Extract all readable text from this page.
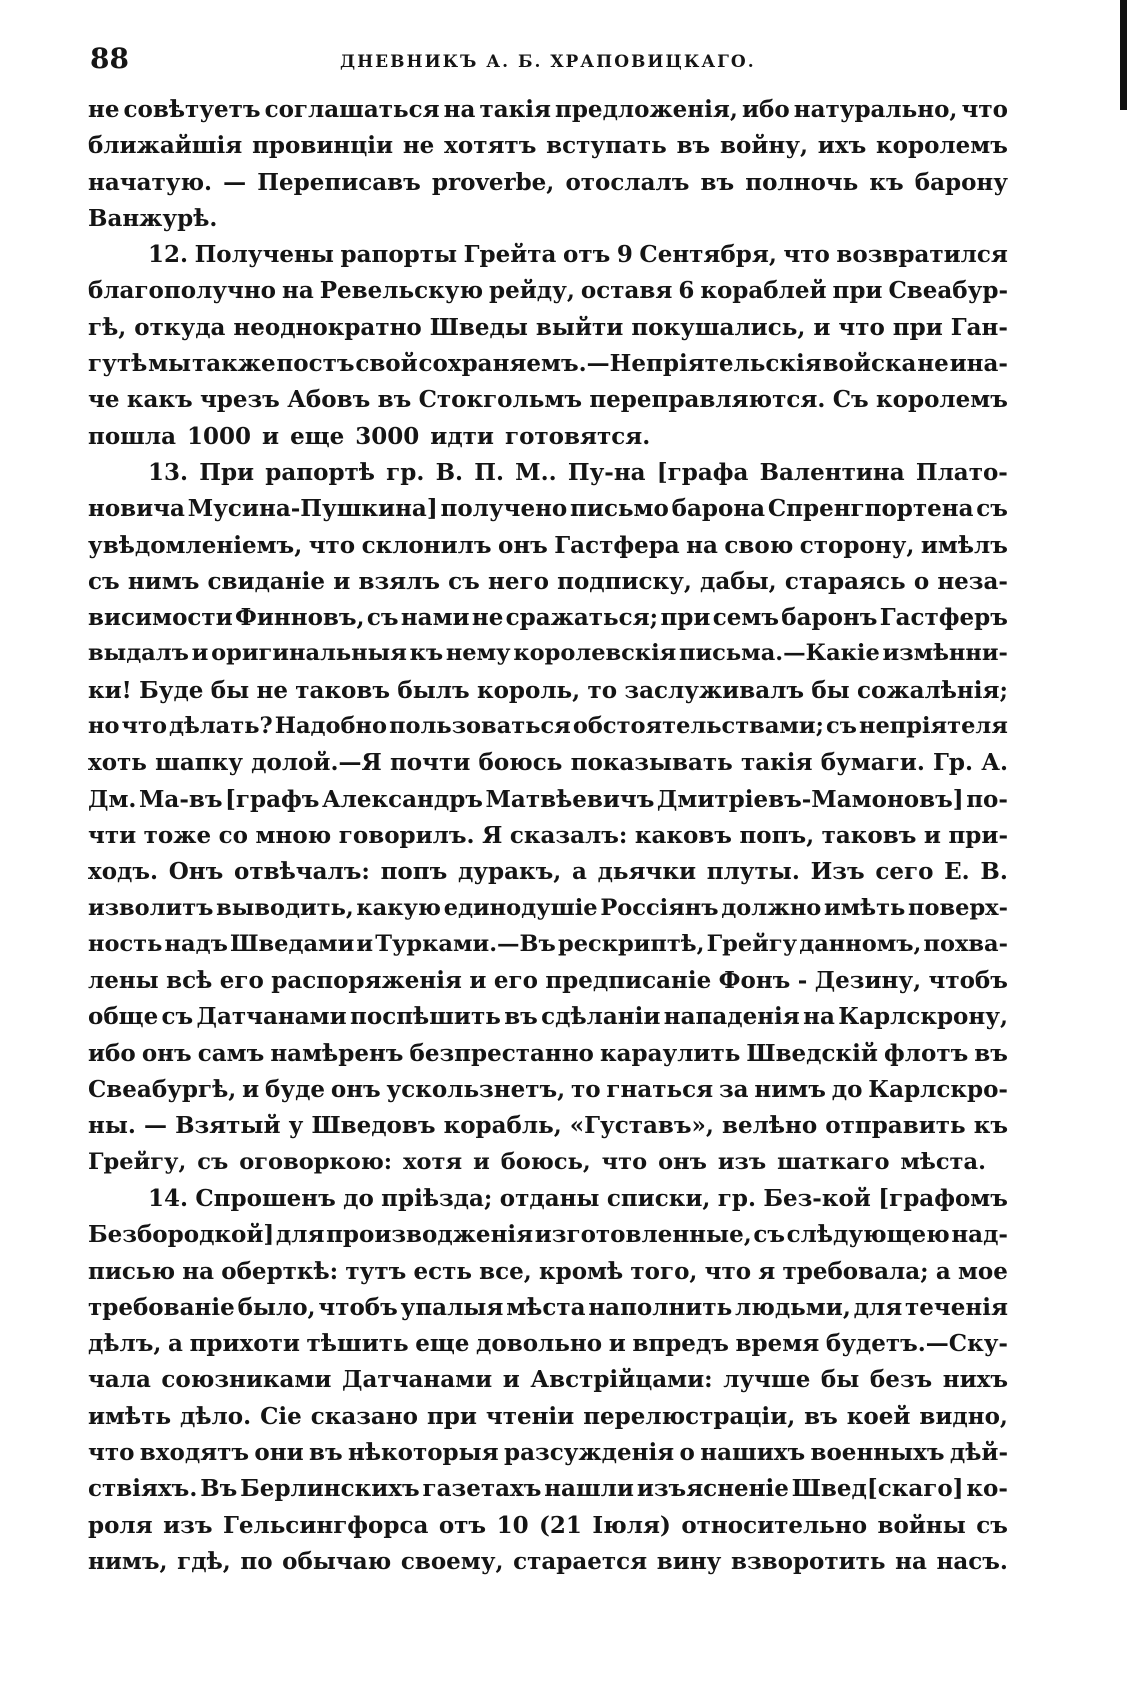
88	ДНЕВНИКЪ А. Б. ХРАПОВИЦКАГО.
не совѣтуетъ соглашаться на такія предложенія, ибо натурально, что
ближайшія провинціи не хотятъ вступать въ войну, ихъ королемъ
начатую. — Переписавъ proverbe, отослалъ въ полночь къ барону
Ванжурѣ.
12. Получены рапорты Грейта отъ 9 Сентября, что возвратился
благополучно на Ревельскую рейду, оставя 6 кораблей при Свеабур-
гѣ, откуда неоднократно Шведы выйти покушались, и что при Ган-
гутѣ мы также постъ свой сохраняемъ.—Непріятельскія войска не ина-
че какъ чрезъ Абовъ въ Стокгольмъ переправляются. Съ королемъ
пошла 1000 и еще 3000 идти готовятся.
13. При рапортѣ гр. В. П. М.. Пу-на [графа Валентина Плато-
новича Мусина-Пушкина] получено письмо барона Спренгпортена съ
увѣдомленіемъ, что склонилъ онъ Гастфера на свою сторону, имѣлъ
съ нимъ свиданіе и взялъ съ него подписку, дабы, стараясь о неза-
висимости Финновъ, съ нами не сражаться; при семъ баронъ Гастферъ
выдалъ и оригинальныя къ нему королевскія письма.—Какіе измѣнни-
ки! Буде бы не таковъ былъ король, то заслуживалъ бы сожалѣнія;
но что дѣлать? Надобно пользоваться обстоятельствами; съ непріятеля
хоть шапку долой.—Я почти боюсь показывать такія бумаги. Гр. А.
Дм. Ма-въ [графъ Александръ Матвѣевичъ Дмитріевъ-Мамоновъ] по-
чти тоже со мною говорилъ. Я сказалъ: каковъ попъ, таковъ и при-
ходъ. Онъ отвѣчалъ: попъ дуракъ, а дьячки плуты. Изъ сего Е. В.
изволитъ выводить, какую единодушіе Россіянъ должно имѣть поверх-
ность надъ Шведами и Турками.—Въ рескриптѣ, Грейгу данномъ, похва-
лены всѣ его распоряженія и его предписаніе Фонъ - Дезину, чтобъ
обще съ Датчанами поспѣшить въ сдѣланіи нападенія на Карлскрону,
ибо онъ самъ намѣренъ безпрестанно караулить Шведскій флотъ въ
Свеабургѣ, и буде онъ ускользнетъ, то гнаться за нимъ до Карлскро-
ны. — Взятый у Шведовъ корабль, «Густавъ», велѣно отправить къ
Грейгу, съ оговоркою: хотя и боюсь, что онъ изъ шаткаго мѣста.
14. Спрошенъ до пріѣзда; отданы списки, гр. Без-кой [графомъ
Безбородкой] для производженія изготовленные, съ слѣдующею над-
писью на оберткѣ: тутъ есть все, кромѣ того, что я требовала; а мое
требованіе было, чтобъ упалыя мѣста наполнить людьми, для теченія
дѣлъ, а прихоти тѣшить еще довольно и впредъ время будетъ.—Ску-
чала союзниками Датчанами и Австрійцами: лучше бы безъ нихъ
имѣть дѣло. Сіе сказано при чтеніи перелюстраціи, въ коей видно,
что входятъ они въ нѣкоторыя разсужденія о нашихъ военныхъ дѣй-
ствіяхъ. Въ Берлинскихъ газетахъ нашли изъясненіе Швед[скаго] ко-
роля изъ Гельсингфорса отъ 10 (21 Іюля) относительно войны съ
нимъ, гдѣ, по обычаю своему, старается вину взворотить на насъ.
